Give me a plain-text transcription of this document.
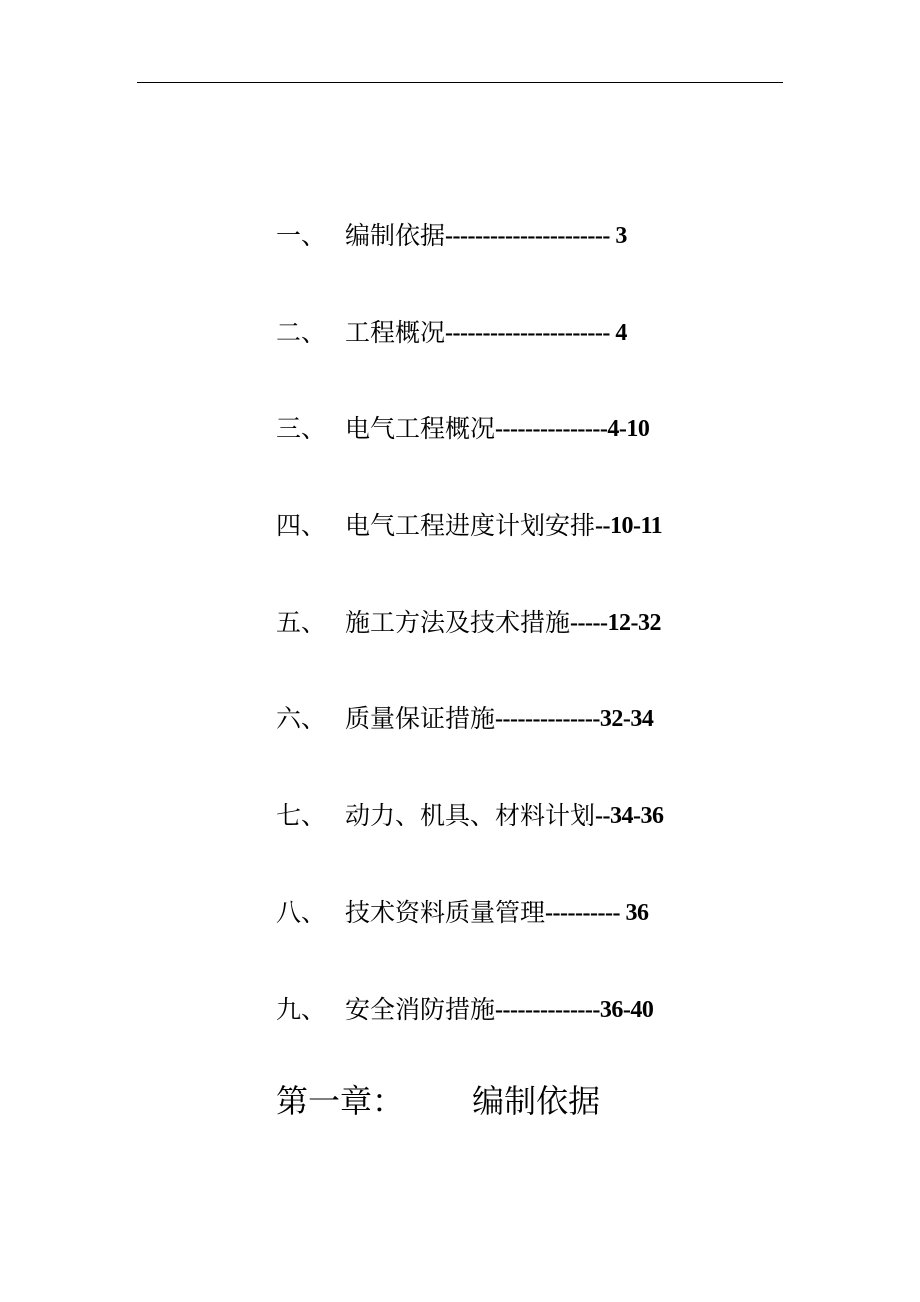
一、 编制依据 ---------------------- 3
二、 工程概况 ---------------------- 4
三、 电气工程概况 ---------------4-10
四、 电气工程进度计划安排 --10-11
五、 施工方法及技术措施 -----12-32
六、 质量保证措施 --------------32-34
七、 动力、机具、材料计划 --34-36
八、 技术资料质量管理 ---------- 36
九、 安全消防措施 --------------36-40
第一章： 编制依据
